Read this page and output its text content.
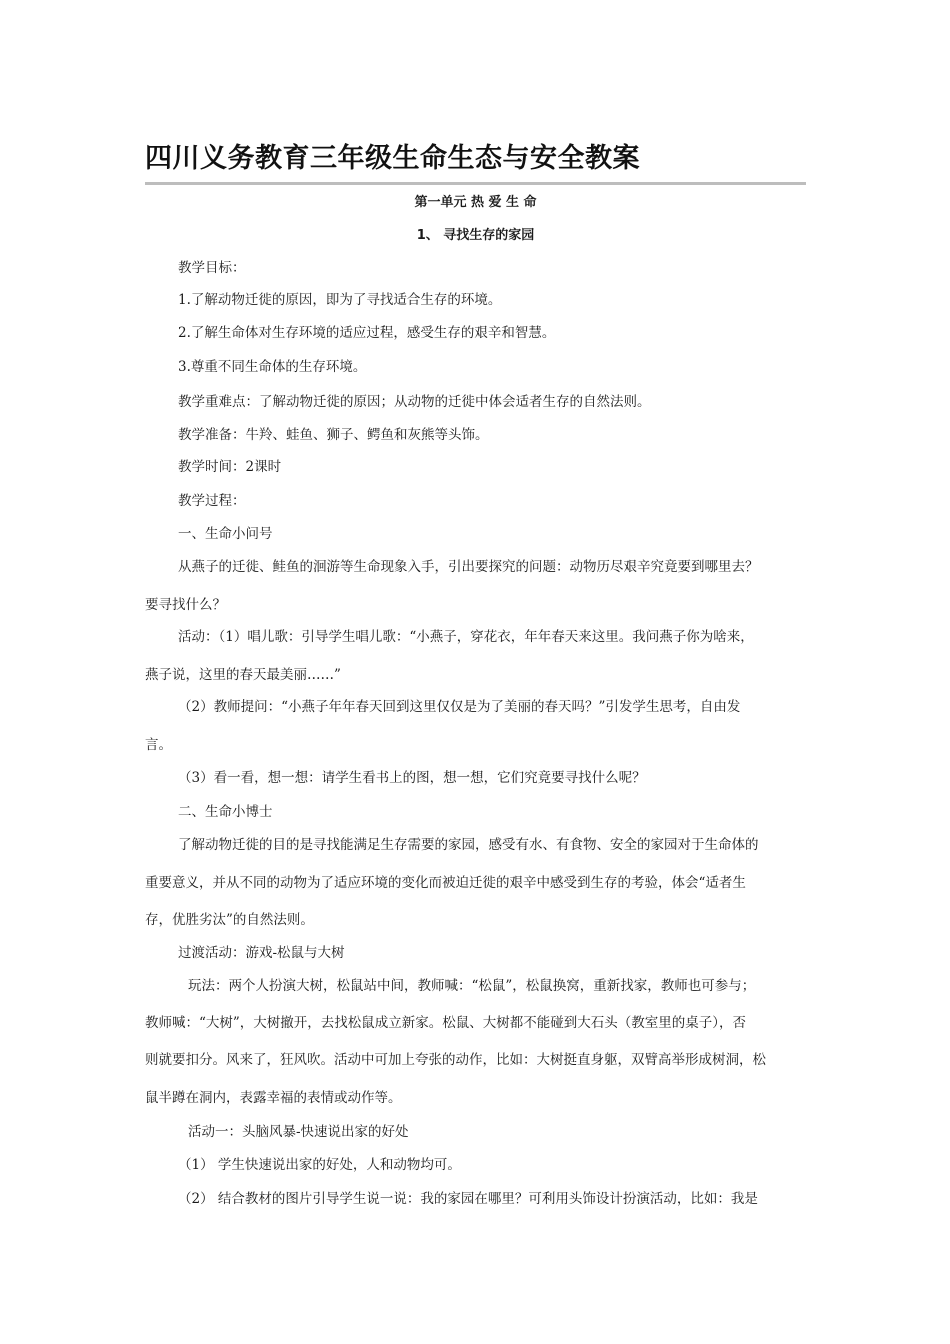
四川义务教育三年级生命生态与安全教案
第一单元 热 爱 生 命
1、 寻找生存的家园
教学目标：
1.了解动物迁徙的原因，即为了寻找适合生存的环境。
2.了解生命体对生存环境的适应过程，感受生存的艰辛和智慧。
3.尊重不同生命体的生存环境。
教学重难点：了解动物迁徙的原因；从动物的迁徙中体会适者生存的自然法则。
教学准备：牛羚、蛙鱼、狮子、鳄鱼和灰熊等头饰。
教学时间：2课时
教学过程：
一、生命小问号
从燕子的迁徙、鲑鱼的洄游等生命现象入手，引出要探究的问题：动物历尽艰辛究竟要到哪里去？
要寻找什么？
活动：（1）唱儿歌：引导学生唱儿歌：“小燕子，穿花衣，年年春天来这里。我问燕子你为啥来，
燕子说，这里的春天最美丽……”
（2）教师提问：“小燕子年年春天回到这里仅仅是为了美丽的春天吗？”引发学生思考，自由发
言。
（3）看一看，想一想：请学生看书上的图，想一想，它们究竟要寻找什么呢？
二、生命小博士
了解动物迁徙的目的是寻找能满足生存需要的家园，感受有水、有食物、安全的家园对于生命体的
重要意义，并从不同的动物为了适应环境的变化而被迫迁徙的艰辛中感受到生存的考验，体会“适者生
存，优胜劣汰”的自然法则。
过渡活动：游戏-松鼠与大树
玩法：两个人扮演大树，松鼠站中间，教师喊：“松鼠”，松鼠换窝，重新找家，教师也可参与；
教师喊：“大树”，大树撤开，去找松鼠成立新家。松鼠、大树都不能碰到大石头（教室里的桌子），否
则就要扣分。风来了，狂风吹。活动中可加上夸张的动作，比如：大树挺直身躯，双臂高举形成树洞，松
鼠半蹲在洞内，表露幸福的表情或动作等。
活动一：头脑风暴-快速说出家的好处
（1） 学生快速说出家的好处，人和动物均可。
（2） 结合教材的图片引导学生说一说：我的家园在哪里？可利用头饰设计扮演活动，比如：我是
